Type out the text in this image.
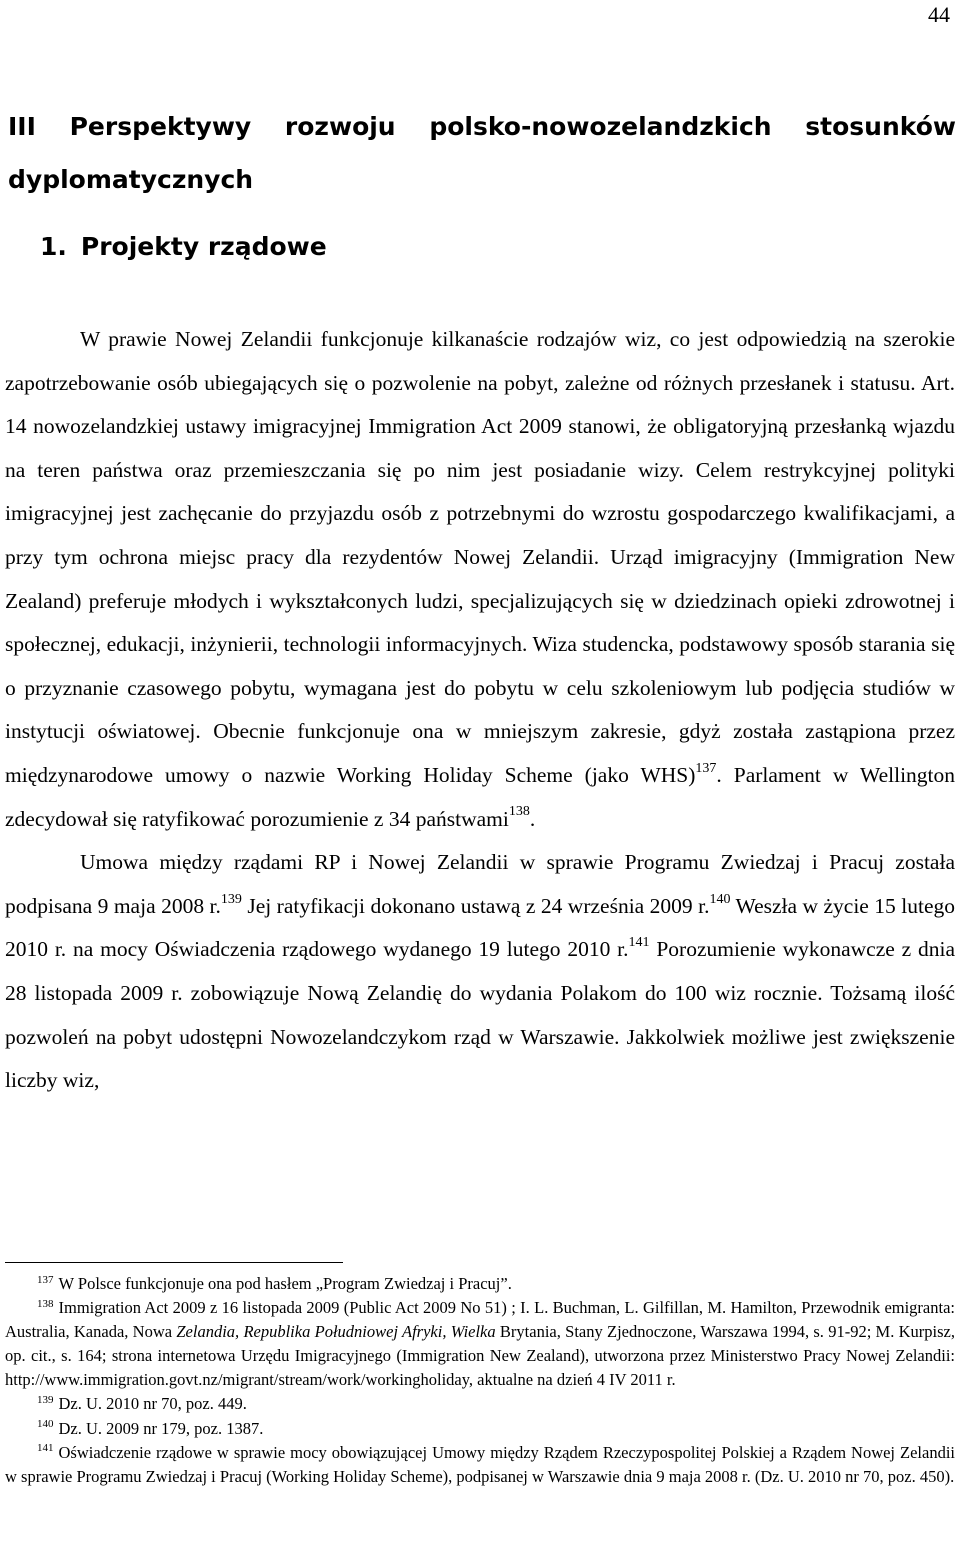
44
III Perspektywy rozwoju polsko-nowozelandzkich stosunków dyplomatycznych
1. Projekty rządowe

W prawie Nowej Zelandii funkcjonuje kilkanaście rodzajów wiz, co jest odpowiedzią na szerokie zapotrzebowanie osób ubiegających się o pozwolenie na pobyt, zależne od różnych przesłanek i statusu. Art. 14 nowozelandzkiej ustawy imigracyjnej Immigration Act 2009 stanowi, że obligatoryjną przesłanką wjazdu na teren państwa oraz przemieszczania się po nim jest posiadanie wizy. Celem restrykcyjnej polityki imigracyjnej jest zachęcanie do przyjazdu osób z potrzebnymi do wzrostu gospodarczego kwalifikacjami, a przy tym ochrona miejsc pracy dla rezydentów Nowej Zelandii. Urząd imigracyjny (Immigration New Zealand) preferuje młodych i wykształconych ludzi, specjalizujących się w dziedzinach opieki zdrowotnej i społecznej, edukacji, inżynierii, technologii informacyjnych. Wiza studencka, podstawowy sposób starania się o przyznanie czasowego pobytu, wymagana jest do pobytu w celu szkoleniowym lub podjęcia studiów w instytucji oświatowej. Obecnie funkcjonuje ona w mniejszym zakresie, gdyż została zastąpiona przez międzynarodowe umowy o nazwie Working Holiday Scheme (jako WHS)$^{137}$. Parlament w Wellington zdecydował się ratyfikować porozumienie z 34 państwami$^{138}$.

Umowa między rządami RP i Nowej Zelandii w sprawie Programu Zwiedzaj i Pracuj została podpisana 9 maja 2008 r.$^{139}$ Jej ratyfikacji dokonano ustawą z 24 września 2009 r.$^{140}$ Weszła w życie 15 lutego 2010 r. na mocy Oświadczenia rządowego wydanego 19 lutego 2010 r.$^{141}$ Porozumienie wykonawcze z dnia 28 listopada 2009 r. zobowiązuje Nową Zelandię do wydania Polakom do 100 wiz rocznie. Tożsamą ilość pozwoleń na pobyt udostępni Nowozelandczykom rząd w Warszawie. Jakkolwiek możliwe jest zwiększenie liczby wiz,

$^{137}$ W Polsce funkcjonuje ona pod hasłem „Program Zwiedzaj i Pracuj”.

$^{138}$ Immigration Act 2009 z 16 listopada 2009 (Public Act 2009 No 51) ; I. L. Buchman, L. Gilfillan, M. Hamilton, Przewodnik emigranta: Australia, Kanada, Nowa Zelandia, Republika Południowej Afryki, Wielka Brytania, Stany Zjednoczone, Warszawa 1994, s. 91-92; M. Kurpisz, op. cit., s. 164; strona internetowa Urzędu Imigracyjnego (Immigration New Zealand), utworzona przez Ministerstwo Pracy Nowej Zelandii: http://www.immigration.govt.nz/migrant/stream/work/workingholiday, aktualne na dzień 4 IV 2011 r.

$^{139}$ Dz. U. 2010 nr 70, poz. 449.

$^{140}$ Dz. U. 2009 nr 179, poz. 1387.

$^{141}$ Oświadczenie rządowe w sprawie mocy obowiązującej Umowy między Rządem Rzeczypospolitej Polskiej a Rządem Nowej Zelandii w sprawie Programu Zwiedzaj i Pracuj (Working Holiday Scheme), podpisanej w Warszawie dnia 9 maja 2008 r. (Dz. U. 2010 nr 70, poz. 450).
